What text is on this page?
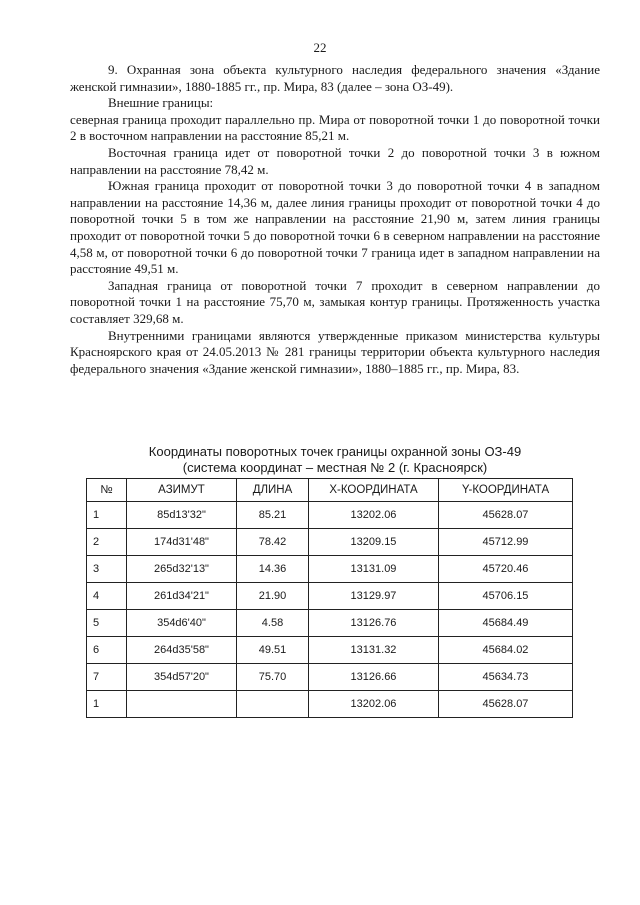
22

9. Охранная зона объекта культурного наследия федерального значения «Здание женской гимназии», 1880-1885 гг., пр. Мира, 83 (далее – зона ОЗ-49).

Внешние границы:

северная граница проходит параллельно пр. Мира от поворотной точки 1 до поворотной точки 2 в восточном направлении на расстояние 85,21 м.

Восточная граница идет от поворотной точки 2 до поворотной точки 3 в южном направлении на расстояние 78,42 м.

Южная граница проходит от поворотной точки 3 до поворотной точки 4 в западном направлении на расстояние 14,36 м, далее линия границы проходит от поворотной точки 4 до поворотной точки 5 в том же направлении на расстояние 21,90 м, затем линия границы проходит от поворотной точки 5 до поворотной точки 6 в северном направлении на расстояние 4,58 м, от поворотной точки 6 до поворотной точки 7 граница идет в западном направлении на расстояние 49,51 м.

Западная граница от поворотной точки 7 проходит в северном направлении до поворотной точки 1 на расстояние 75,70 м, замыкая контур границы. Протяженность участка составляет 329,68 м.

Внутренними границами являются утвержденные приказом министерства культуры Красноярского края от 24.05.2013 № 281 границы территории объекта культурного наследия федерального значения «Здание женской гимназии», 1880–1885 гг., пр. Мира, 83.

Координаты поворотных точек границы охранной зоны ОЗ-49
(система координат – местная № 2 (г. Красноярск)
№	АЗИМУТ	ДЛИНА	X-КООРДИНАТА	Y-КООРДИНАТА
1	85d13'32"	85.21	13202.06	45628.07
2	174d31'48"	78.42	13209.15	45712.99
3	265d32'13"	14.36	13131.09	45720.46
4	261d34'21"	21.90	13129.97	45706.15
5	354d6'40"	4.58	13126.76	45684.49
6	264d35'58"	49.51	13131.32	45684.02
7	354d57'20"	75.70	13126.66	45634.73
1			13202.06	45628.07
